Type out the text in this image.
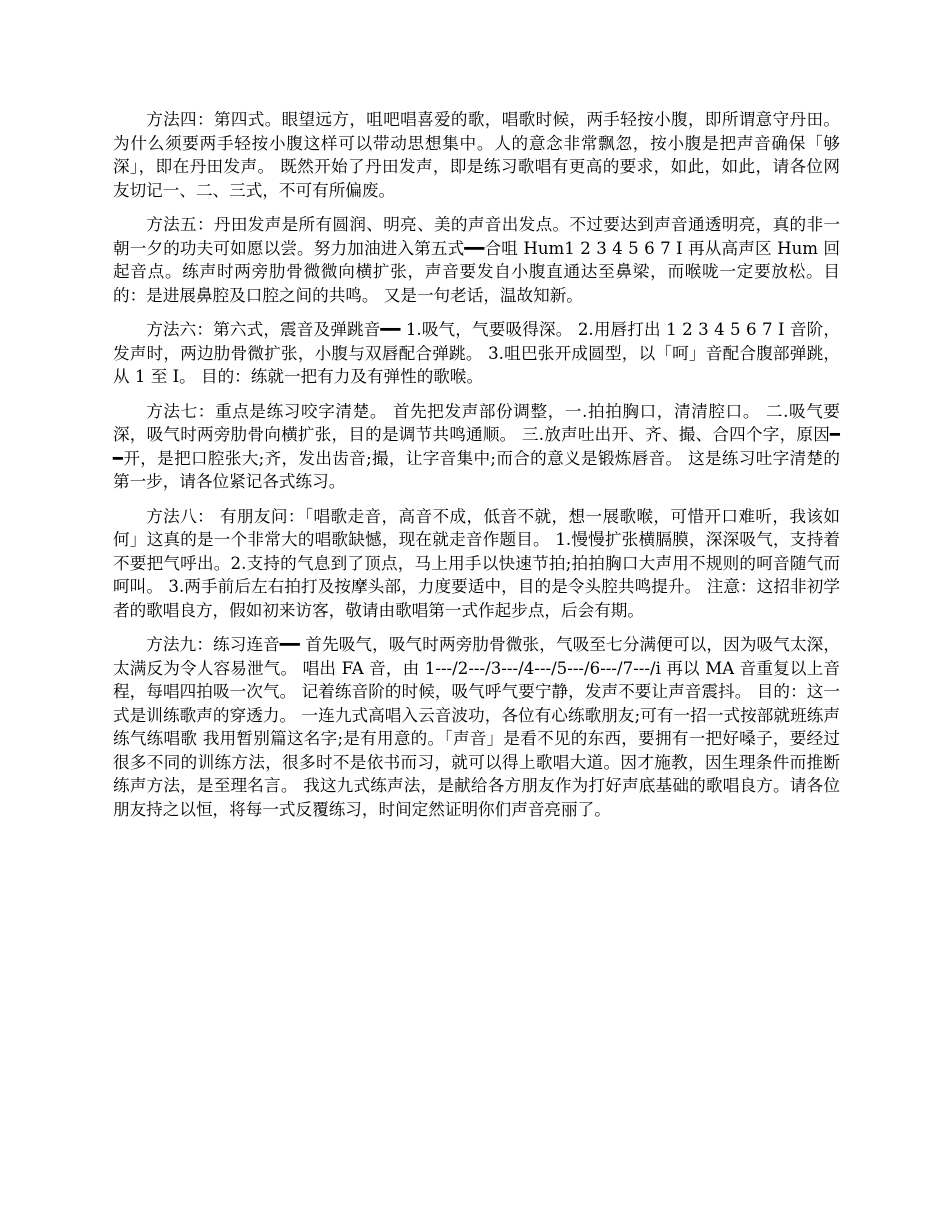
方法四：第四式。眼望远方，咀吧唱喜爱的歌，唱歌时候，两手轻按小腹，即所谓意守丹田。 为什么须要两手轻按小腹这样可以带动思想集中。人的意念非常飘忽，按小腹是把声音确保「够深」，即在丹田发声。 既然开始了丹田发声，即是练习歌唱有更高的要求，如此，如此，请各位网友切记一、二、三式，不可有所偏废。

方法五：丹田发声是所有圆润、明亮、美的声音出发点。不过要达到声音通透明亮，真的非一朝一夕的功夫可如愿以尝。努力加油进入第五式━━合咀 Hum1 2 3 4 5 6 7 I 再从高声区 Hum 回起音点。练声时两旁肋骨微微向横扩张，声音要发自小腹直通达至鼻梁，而喉咙一定要放松。目的：是进展鼻腔及口腔之间的共鸣。 又是一句老话，温故知新。

方法六：第六式，震音及弹跳音━━ 1.吸气，气要吸得深。 2.用唇打出 1 2 3 4 5 6 7 I 音阶，发声时，两边肋骨微扩张，小腹与双唇配合弹跳。 3.咀巴张开成圆型，以「呵」音配合腹部弹跳，从 1 至 I。 目的：练就一把有力及有弹性的歌喉。

方法七：重点是练习咬字清楚。 首先把发声部份调整，一.拍拍胸口，清清腔口。 二.吸气要深，吸气时两旁肋骨向横扩张，目的是调节共鸣通顺。 三.放声吐出开、齐、撮、合四个字，原因━━开，是把口腔张大;齐，发出齿音;撮，让字音集中;而合的意义是锻炼唇音。 这是练习吐字清楚的第一步，请各位紧记各式练习。

方法八： 有朋友问：「唱歌走音，高音不成，低音不就，想一展歌喉，可惜开口难听，我该如何」这真的是一个非常大的唱歌缺憾，现在就走音作题目。 1.慢慢扩张横膈膜，深深吸气，支持着不要把气呼出。2.支持的气息到了顶点，马上用手以快速节拍;拍拍胸口大声用不规则的呵音随气而呵叫。 3.两手前后左右拍打及按摩头部，力度要适中，目的是令头腔共鸣提升。 注意：这招非初学者的歌唱良方，假如初来访客，敬请由歌唱第一式作起步点，后会有期。

方法九：练习连音━━ 首先吸气，吸气时两旁肋骨微张，气吸至七分满便可以，因为吸气太深，太满反为令人容易泄气。 唱出 FA 音，由 1---/2---/3---/4---/5---/6---/7---/i 再以 MA 音重复以上音程，每唱四拍吸一次气。 记着练音阶的时候，吸气呼气要宁静，发声不要让声音震抖。 目的：这一式是训练歌声的穿透力。 一连九式高唱入云音波功，各位有心练歌朋友;可有一招一式按部就班练声练气练唱歌 我用暂别篇这名字;是有用意的。「声音」是看不见的东西，要拥有一把好嗓子，要经过很多不同的训练方法，很多时不是依书而习，就可以得上歌唱大道。因才施教，因生理条件而推断练声方法，是至理名言。 我这九式练声法，是献给各方朋友作为打好声底基础的歌唱良方。请各位朋友持之以恒，将每一式反覆练习，时间定然证明你们声音亮丽了。
